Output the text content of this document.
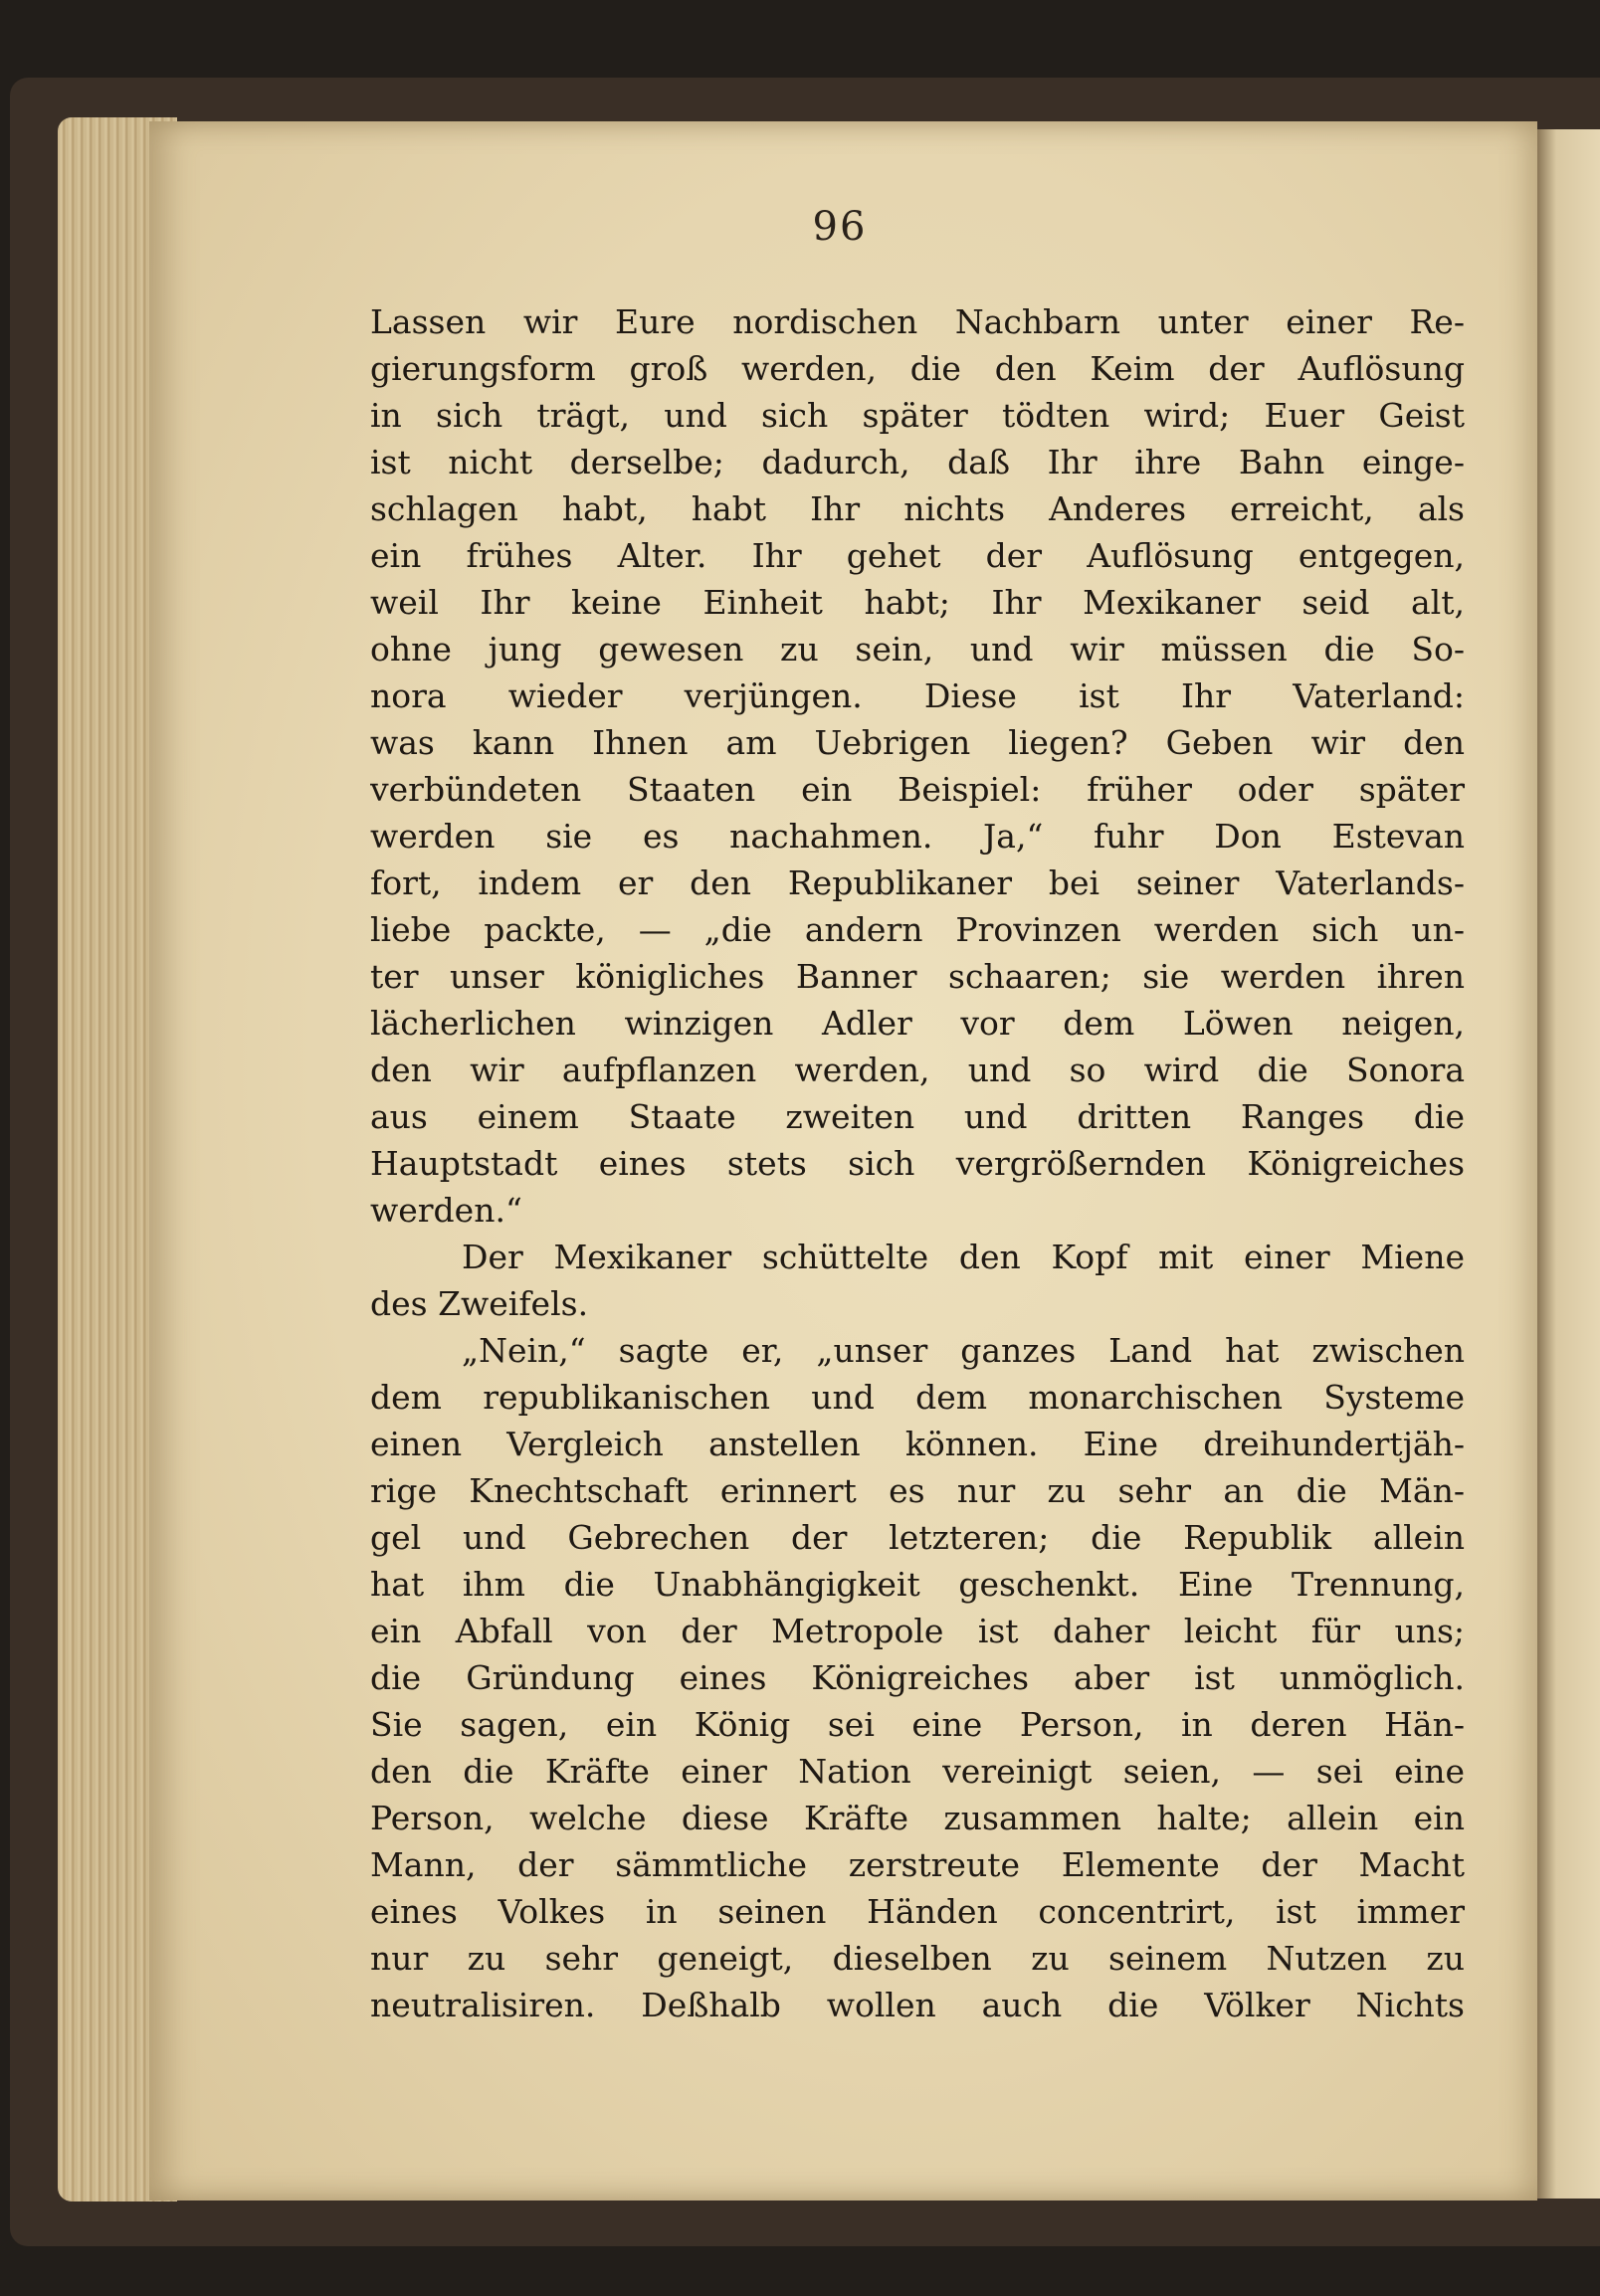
96
Lassen wir Eure nordischen Nachbarn unter einer Re-
gierungsform groß werden, die den Keim der Auflösung
in sich trägt, und sich später tödten wird; Euer Geist
ist nicht derselbe; dadurch, daß Ihr ihre Bahn einge-
schlagen habt, habt Ihr nichts Anderes erreicht, als
ein frühes Alter. Ihr gehet der Auflösung entgegen,
weil Ihr keine Einheit habt; Ihr Mexikaner seid alt,
ohne jung gewesen zu sein, und wir müssen die So-
nora wieder verjüngen. Diese ist Ihr Vaterland:
was kann Ihnen am Uebrigen liegen? Geben wir den
verbündeten Staaten ein Beispiel: früher oder später
werden sie es nachahmen. Ja,“ fuhr Don Estevan
fort, indem er den Republikaner bei seiner Vaterlands-
liebe packte, — „die andern Provinzen werden sich un-
ter unser königliches Banner schaaren; sie werden ihren
lächerlichen winzigen Adler vor dem Löwen neigen,
den wir aufpflanzen werden, und so wird die Sonora
aus einem Staate zweiten und dritten Ranges die
Hauptstadt eines stets sich vergrößernden Königreiches
werden.“
Der Mexikaner schüttelte den Kopf mit einer Miene
des Zweifels.
„Nein,“ sagte er, „unser ganzes Land hat zwischen
dem republikanischen und dem monarchischen Systeme
einen Vergleich anstellen können. Eine dreihundertjäh-
rige Knechtschaft erinnert es nur zu sehr an die Män-
gel und Gebrechen der letzteren; die Republik allein
hat ihm die Unabhängigkeit geschenkt. Eine Trennung,
ein Abfall von der Metropole ist daher leicht für uns;
die Gründung eines Königreiches aber ist unmöglich.
Sie sagen, ein König sei eine Person, in deren Hän-
den die Kräfte einer Nation vereinigt seien, — sei eine
Person, welche diese Kräfte zusammen halte; allein ein
Mann, der sämmtliche zerstreute Elemente der Macht
eines Volkes in seinen Händen concentrirt, ist immer
nur zu sehr geneigt, dieselben zu seinem Nutzen zu
neutralisiren. Deßhalb wollen auch die Völker Nichts
